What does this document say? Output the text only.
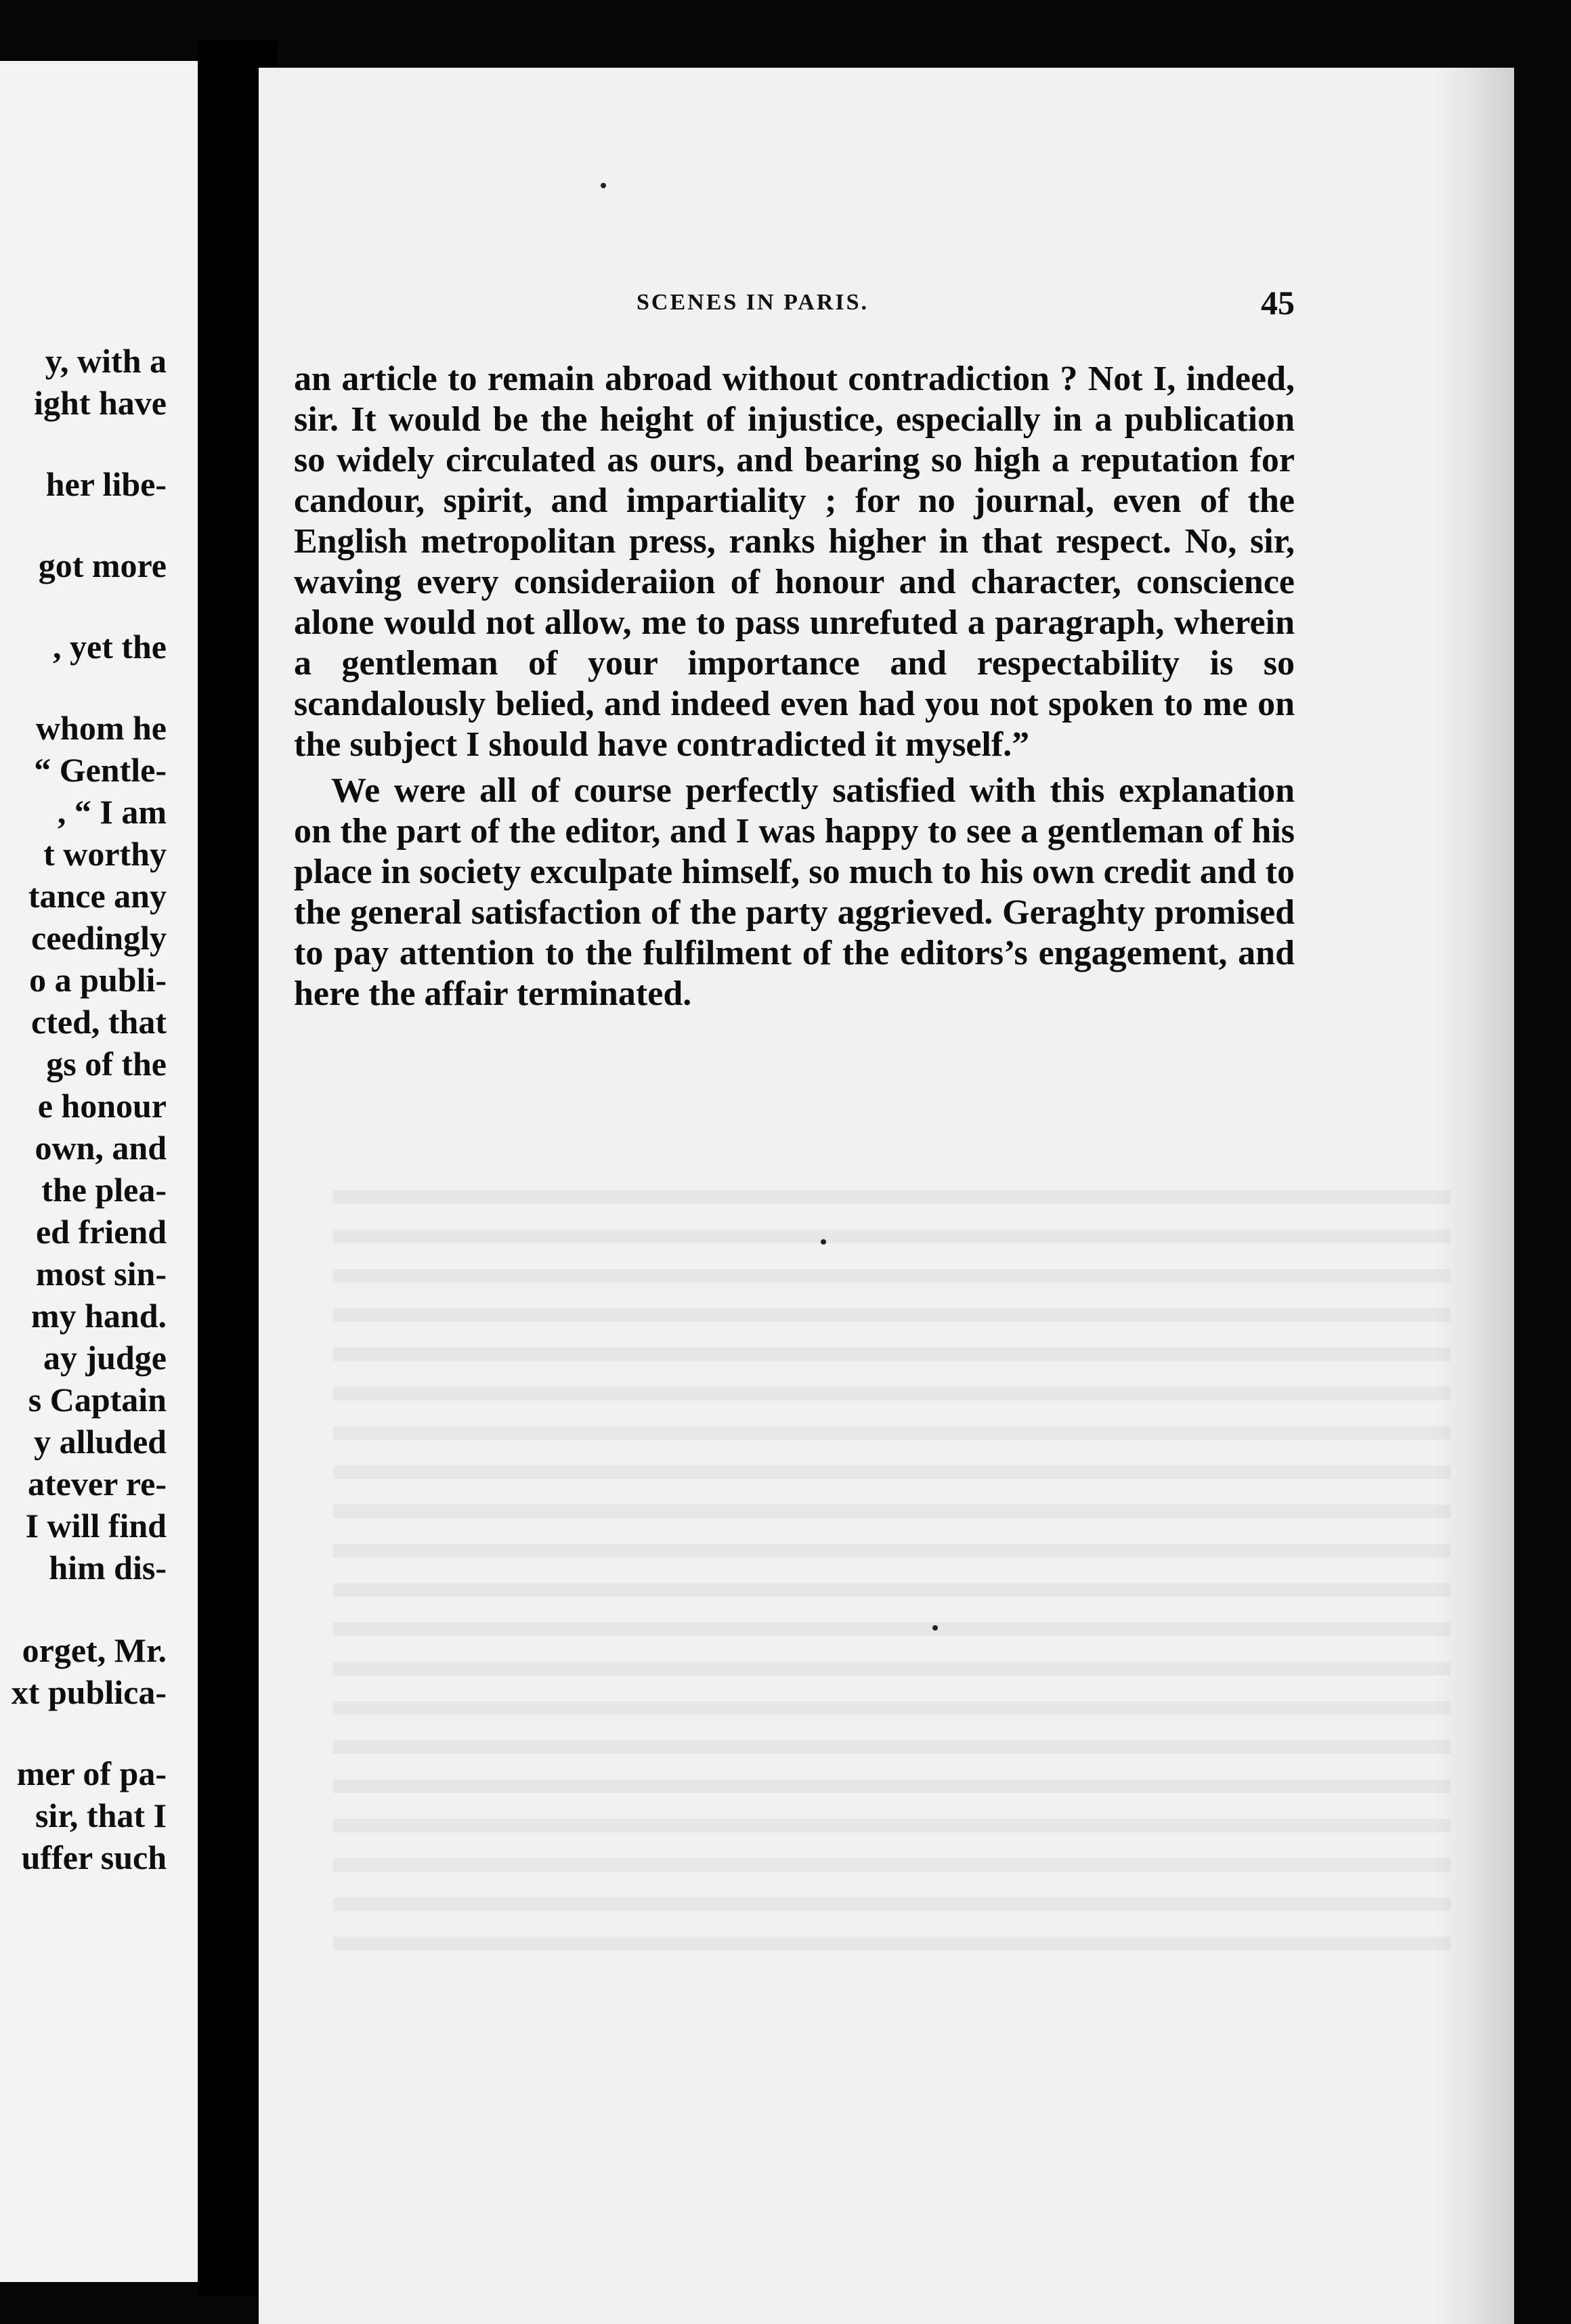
y, with a
ight have
her libe-
got more
, yet the
whom he
“ Gentle-
, “ I am
t worthy
tance any
ceedingly
o a publi-
cted, that
gs of the
e honour
own, and
the plea-
ed friend
most sin-
my hand.
ay judge
s Captain
y alluded
atever re-
I will find
him dis-
orget, Mr.
xt publica-
mer of pa-
sir, that I
uffer such
SCENES IN PARIS.	45

an article to remain abroad without contradiction ? Not I, indeed, sir. It would be the height of injustice, especially in a publication so widely circulated as ours, and bearing so high a reputation for candour, spirit, and impartiality ; for no journal, even of the English metropolitan press, ranks higher in that respect. No, sir, waving every consideraiion of honour and character, conscience alone would not allow, me to pass unrefuted a paragraph, wherein a gentleman of your importance and respectability is so scandalously belied, and indeed even had you not spoken to me on the subject I should have contradicted it myself.”

We were all of course perfectly satisfied with this explanation on the part of the editor, and I was happy to see a gentleman of his place in society exculpate himself, so much to his own credit and to the general satisfaction of the party aggrieved. Geraghty promised to pay attention to the fulfilment of the editors’s engagement, and here the affair terminated.
